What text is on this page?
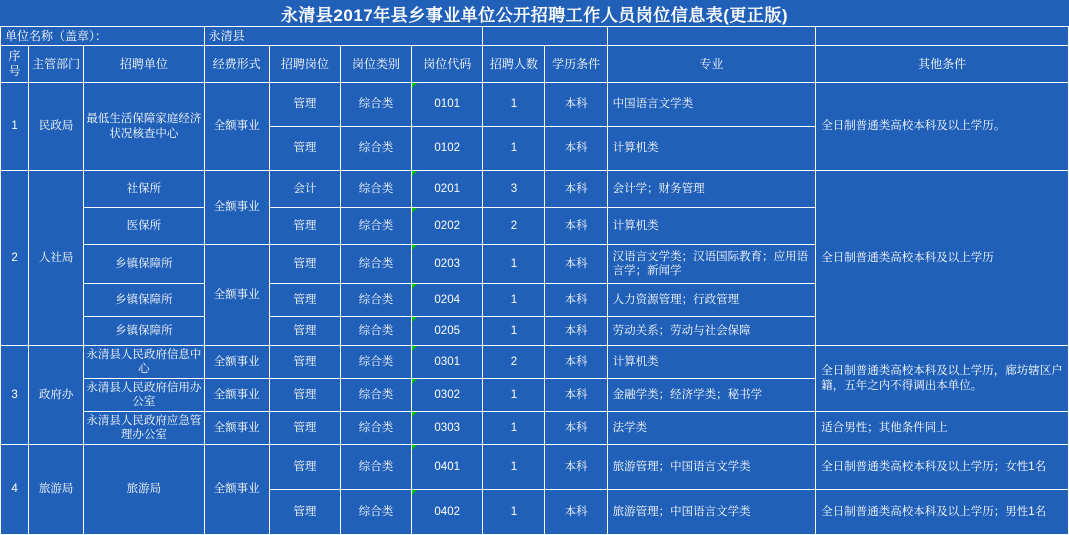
永清县2017年县乡事业单位公开招聘工作人员岗位信息表(更正版)
单位名称（盖章）：			永清县							
序号	主管部门	招聘单位	经费形式	招聘岗位	岗位类别	岗位代码	招聘人数	学历条件	专业	其他条件
1	民政局	最低生活保障家庭经济状况核查中心	全额事业	管理	综合类	0101	1	本科	中国语言文学类	全日制普通类高校本科及以上学历。
				管理	综合类	0102	1	本科	计算机类	
2	人社局	社保所	全额事业	会计	综合类	0201	3	本科	会计学；财务管理	全日制普通类高校本科及以上学历
		医保所		管理	综合类	0202	2	本科	计算机类	
		乡镇保障所	全额事业	管理	综合类	0203	1	本科	汉语言文学类；汉语国际教育；应用语言学；新闻学	
		乡镇保障所		管理	综合类	0204	1	本科	人力资源管理；行政管理	
		乡镇保障所		管理	综合类	0205	1	本科	劳动关系；劳动与社会保障	
3	政府办	永清县人民政府信息中心	全额事业	管理	综合类	0301	2	本科	计算机类	全日制普通类高校本科及以上学历，廊坊辖区户籍，五年之内不得调出本单位。
		永清县人民政府信用办公室	全额事业	管理	综合类	0302	1	本科	金融学类；经济学类；秘书学	
		永清县人民政府应急管理办公室	全额事业	管理	综合类	0303	1	本科	法学类	适合男性；其他条件同上
4	旅游局	旅游局	全额事业	管理	综合类	0401	1	本科	旅游管理；中国语言文学类	全日制普通类高校本科及以上学历；女性1名
				管理	综合类	0402	1	本科	旅游管理；中国语言文学类	全日制普通类高校本科及以上学历；男性1名
